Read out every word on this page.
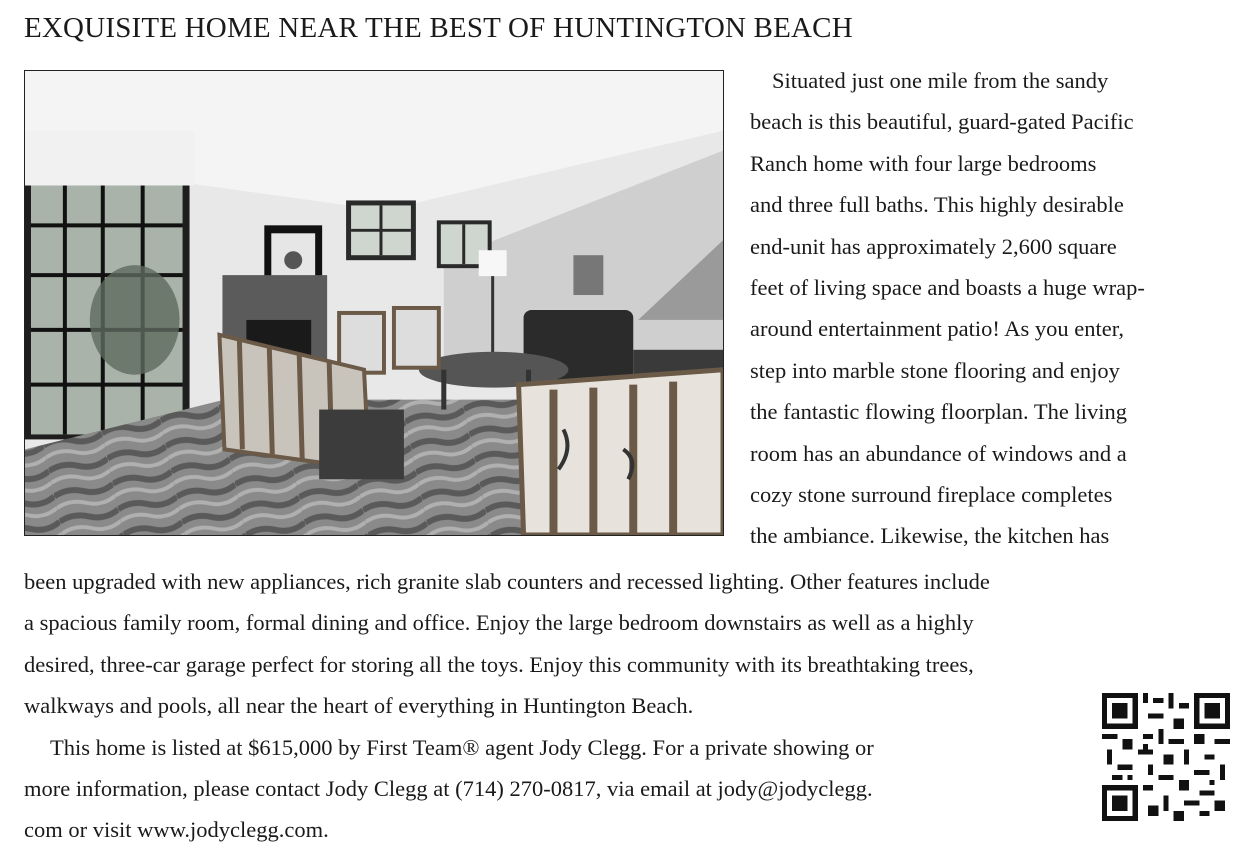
EXQUISITE HOME NEAR THE BEST OF HUNTINGTON BEACH
Situated just one mile from the sandy
beach is this beautiful, guard-gated Pacific
Ranch home with four large bedrooms
and three full baths. This highly desirable
end-unit has approximately 2,600 square
feet of living space and boasts a huge wrap-
around entertainment patio! As you enter,
step into marble stone flooring and enjoy
the fantastic flowing floorplan. The living
room has an abundance of windows and a
cozy stone surround fireplace completes
the ambiance. Likewise, the kitchen has
been upgraded with new appliances, rich granite slab counters and recessed lighting. Other features include
a spacious family room, formal dining and office. Enjoy the large bedroom downstairs as well as a highly
desired, three-car garage perfect for storing all the toys. Enjoy this community with its breathtaking trees,
walkways and pools, all near the heart of everything in Huntington Beach.
This home is listed at $615,000 by First Team® agent Jody Clegg. For a private showing or
more information, please contact Jody Clegg at (714) 270-0817, via email at jody@jodyclegg.
com or visit www.jodyclegg.com.
